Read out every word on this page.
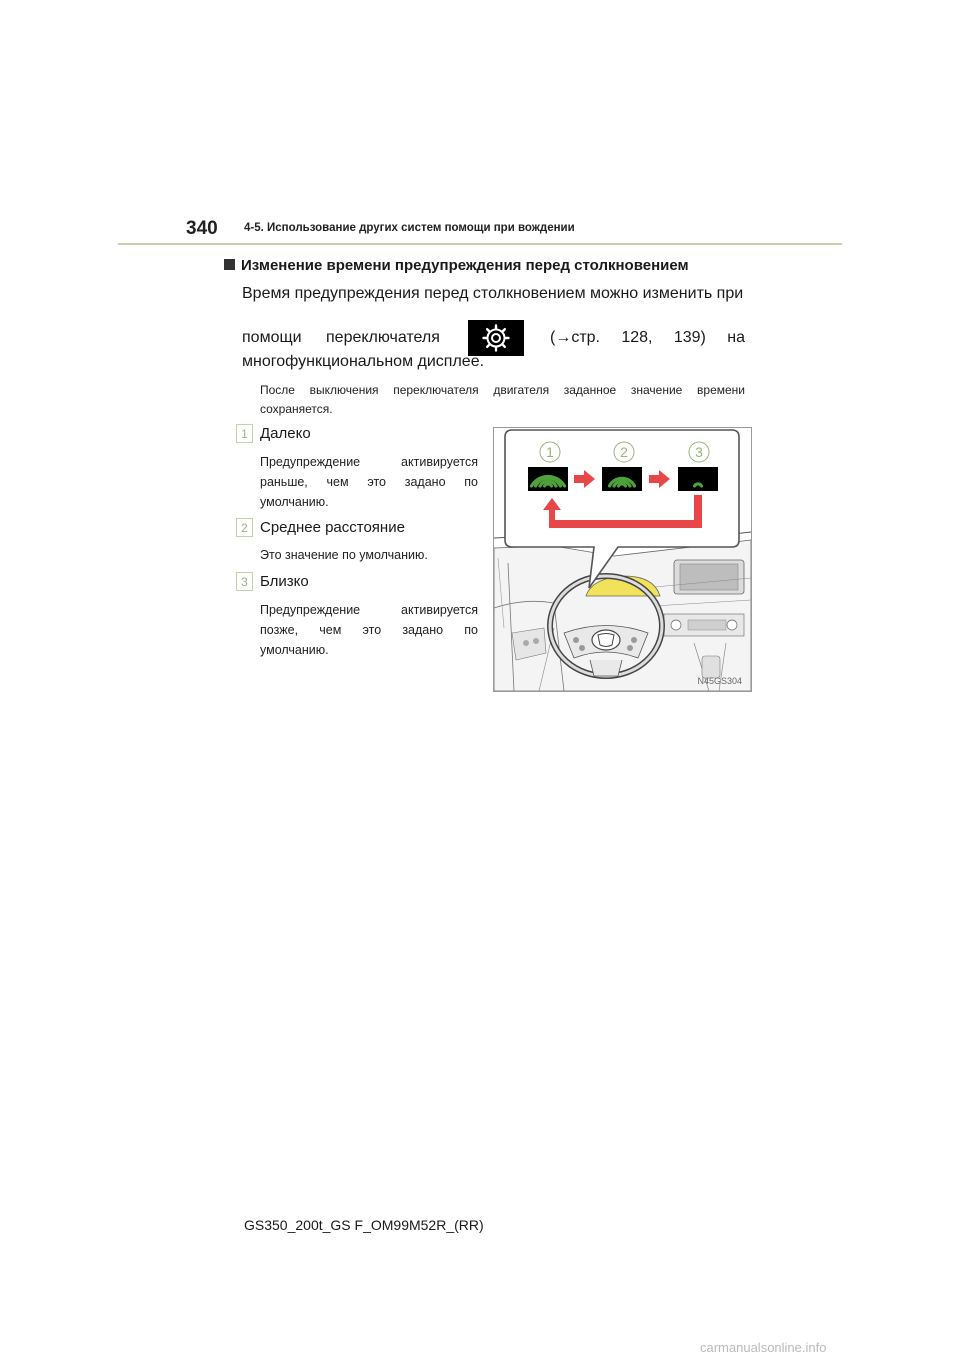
340 4-5. Использование других систем помощи при вождении
Изменение времени предупреждения перед столкновением
Время предупреждения перед столкновением можно изменить при
помощи	переключателя	(→стр. 128, 139) на
многофункциональном дисплее.
После выключения переключателя двигателя заданное значение времени сохраняется.
1 Далеко
Предупреждение активируется раньше, чем это задано по умолчанию.
2 Среднее расстояние
Это значение по умолчанию.
3 Близко
Предупреждение активируется позже, чем это задано по умолчанию.
1	2	3
N45GS304
GS350_200t_GS F_OM99M52R_(RR)
carmanualsonline.info
